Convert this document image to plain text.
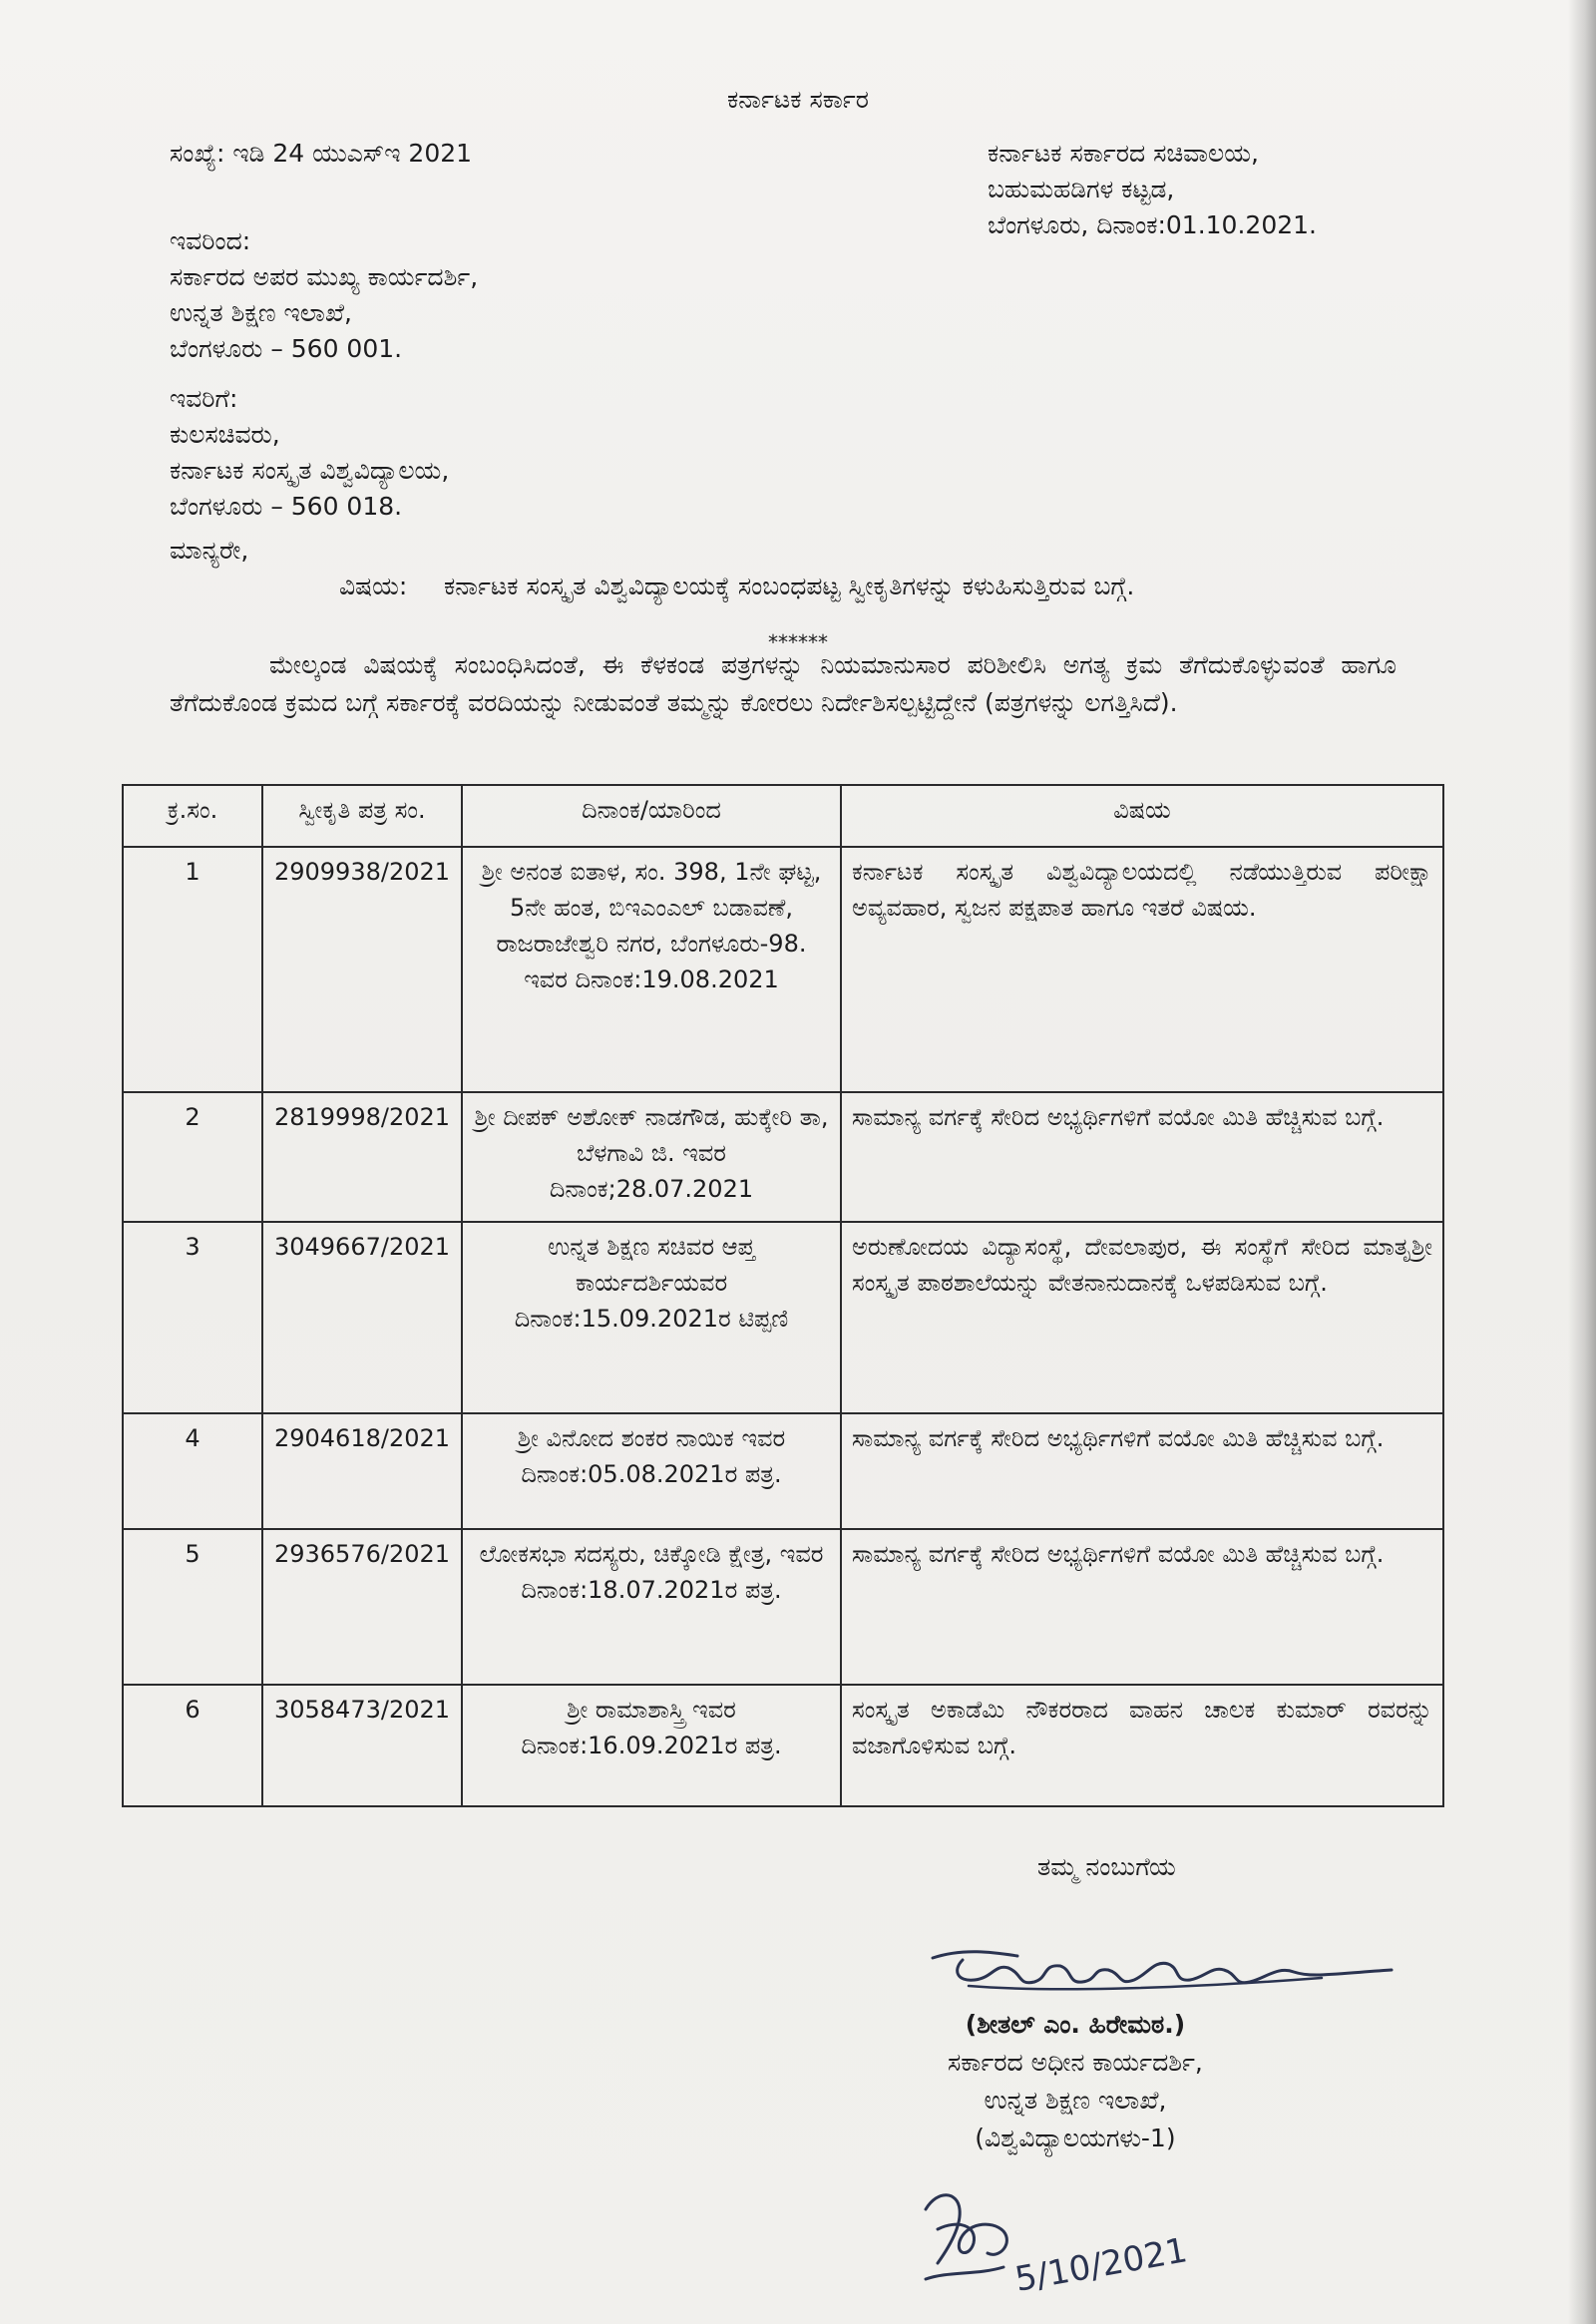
ಕರ್ನಾಟಕ ಸರ್ಕಾರ
ಸಂಖ್ಯೆ: ಇಡಿ 24 ಯುಎಸ್ಇ 2021	ಕರ್ನಾಟಕ ಸರ್ಕಾರದ ಸಚಿವಾಲಯ,
ಬಹುಮಹಡಿಗಳ ಕಟ್ಟಡ,
ಬೆಂಗಳೂರು, ದಿನಾಂಕ:01.10.2021.
ಇವರಿಂದ:
ಸರ್ಕಾರದ ಅಪರ ಮುಖ್ಯ ಕಾರ್ಯದರ್ಶಿ,
ಉನ್ನತ ಶಿಕ್ಷಣ ಇಲಾಖೆ,
ಬೆಂಗಳೂರು – 560 001.
ಇವರಿಗೆ:
ಕುಲಸಚಿವರು,
ಕರ್ನಾಟಕ ಸಂಸ್ಕೃತ ವಿಶ್ವವಿದ್ಯಾಲಯ,
ಬೆಂಗಳೂರು – 560 018.
ಮಾನ್ಯರೇ,
ವಿಷಯ: ಕರ್ನಾಟಕ ಸಂಸ್ಕೃತ ವಿಶ್ವವಿದ್ಯಾಲಯಕ್ಕೆ ಸಂಬಂಧಪಟ್ಟ ಸ್ವೀಕೃತಿಗಳನ್ನು ಕಳುಹಿಸುತ್ತಿರುವ ಬಗ್ಗೆ.
******
ಮೇಲ್ಕಂಡ ವಿಷಯಕ್ಕೆ ಸಂಬಂಧಿಸಿದಂತೆ, ಈ ಕೆಳಕಂಡ ಪತ್ರಗಳನ್ನು ನಿಯಮಾನುಸಾರ ಪರಿಶೀಲಿಸಿ ಅಗತ್ಯ ಕ್ರಮ ತೆಗೆದುಕೊಳ್ಳುವಂತೆ ಹಾಗೂ ತೆಗೆದುಕೊಂಡ ಕ್ರಮದ ಬಗ್ಗೆ ಸರ್ಕಾರಕ್ಕೆ ವರದಿಯನ್ನು ನೀಡುವಂತೆ ತಮ್ಮನ್ನು ಕೋರಲು ನಿರ್ದೇಶಿಸಲ್ಪಟ್ಟಿದ್ದೇನೆ (ಪತ್ರಗಳನ್ನು ಲಗತ್ತಿಸಿದೆ).
ಕ್ರ.ಸಂ.	ಸ್ವೀಕೃತಿ ಪತ್ರ ಸಂ.	ದಿನಾಂಕ/ಯಾರಿಂದ	ವಿಷಯ
1	2909938/2021	ಶ್ರೀ ಅನಂತ ಐತಾಳ, ಸಂ. 398, 1ನೇ ಘಟ್ಟ, 5ನೇ ಹಂತ, ಬಿಇಎಂಎಲ್ ಬಡಾವಣೆ, ರಾಜರಾಜೇಶ್ವರಿ ನಗರ, ಬೆಂಗಳೂರು-98. ಇವರ ದಿನಾಂಕ:19.08.2021	ಕರ್ನಾಟಕ ಸಂಸ್ಕೃತ ವಿಶ್ವವಿದ್ಯಾಲಯದಲ್ಲಿ ನಡೆಯುತ್ತಿರುವ ಪರೀಕ್ಷಾ ಅವ್ಯವಹಾರ, ಸ್ವಜನ ಪಕ್ಷಪಾತ ಹಾಗೂ ಇತರೆ ವಿಷಯ.
2	2819998/2021	ಶ್ರೀ ದೀಪಕ್ ಅಶೋಕ್ ನಾಡಗೌಡ, ಹುಕ್ಕೇರಿ ತಾ, ಬೆಳಗಾವಿ ಜಿ. ಇವರ ದಿನಾಂಕ;28.07.2021	ಸಾಮಾನ್ಯ ವರ್ಗಕ್ಕೆ ಸೇರಿದ ಅಭ್ಯರ್ಥಿಗಳಿಗೆ ವಯೋ ಮಿತಿ ಹೆಚ್ಚಿಸುವ ಬಗ್ಗೆ.
3	3049667/2021	ಉನ್ನತ ಶಿಕ್ಷಣ ಸಚಿವರ ಆಪ್ತ ಕಾರ್ಯದರ್ಶಿಯವರ ದಿನಾಂಕ:15.09.2021ರ ಟಿಪ್ಪಣಿ	ಅರುಣೋದಯ ವಿದ್ಯಾಸಂಸ್ಥೆ, ದೇವಲಾಪುರ, ಈ ಸಂಸ್ಥೆಗೆ ಸೇರಿದ ಮಾತೃಶ್ರೀ ಸಂಸ್ಕೃತ ಪಾಠಶಾಲೆಯನ್ನು ವೇತನಾನುದಾನಕ್ಕೆ ಒಳಪಡಿಸುವ ಬಗ್ಗೆ.
4	2904618/2021	ಶ್ರೀ ವಿನೋದ ಶಂಕರ ನಾಯಿಕ ಇವರ ದಿನಾಂಕ:05.08.2021ರ ಪತ್ರ.	ಸಾಮಾನ್ಯ ವರ್ಗಕ್ಕೆ ಸೇರಿದ ಅಭ್ಯರ್ಥಿಗಳಿಗೆ ವಯೋ ಮಿತಿ ಹೆಚ್ಚಿಸುವ ಬಗ್ಗೆ.
5	2936576/2021	ಲೋಕಸಭಾ ಸದಸ್ಯರು, ಚಿಕ್ಕೋಡಿ ಕ್ಷೇತ್ರ, ಇವರ ದಿನಾಂಕ:18.07.2021ರ ಪತ್ರ.	ಸಾಮಾನ್ಯ ವರ್ಗಕ್ಕೆ ಸೇರಿದ ಅಭ್ಯರ್ಥಿಗಳಿಗೆ ವಯೋ ಮಿತಿ ಹೆಚ್ಚಿಸುವ ಬಗ್ಗೆ.
6	3058473/2021	ಶ್ರೀ ರಾಮಾಶಾಸ್ತ್ರಿ ಇವರ ದಿನಾಂಕ:16.09.2021ರ ಪತ್ರ.	ಸಂಸ್ಕೃತ ಅಕಾಡೆಮಿ ನೌಕರರಾದ ವಾಹನ ಚಾಲಕ ಕುಮಾರ್ ರವರನ್ನು ವಜಾಗೊಳಿಸುವ ಬಗ್ಗೆ.
ತಮ್ಮ ನಂಬುಗೆಯ
(ಶೀತಲ್ ಎಂ. ಹಿರೇಮಠ.)
ಸರ್ಕಾರದ ಅಧೀನ ಕಾರ್ಯದರ್ಶಿ,
ಉನ್ನತ ಶಿಕ್ಷಣ ಇಲಾಖೆ,
(ವಿಶ್ವವಿದ್ಯಾಲಯಗಳು-1)
5/10/2021
